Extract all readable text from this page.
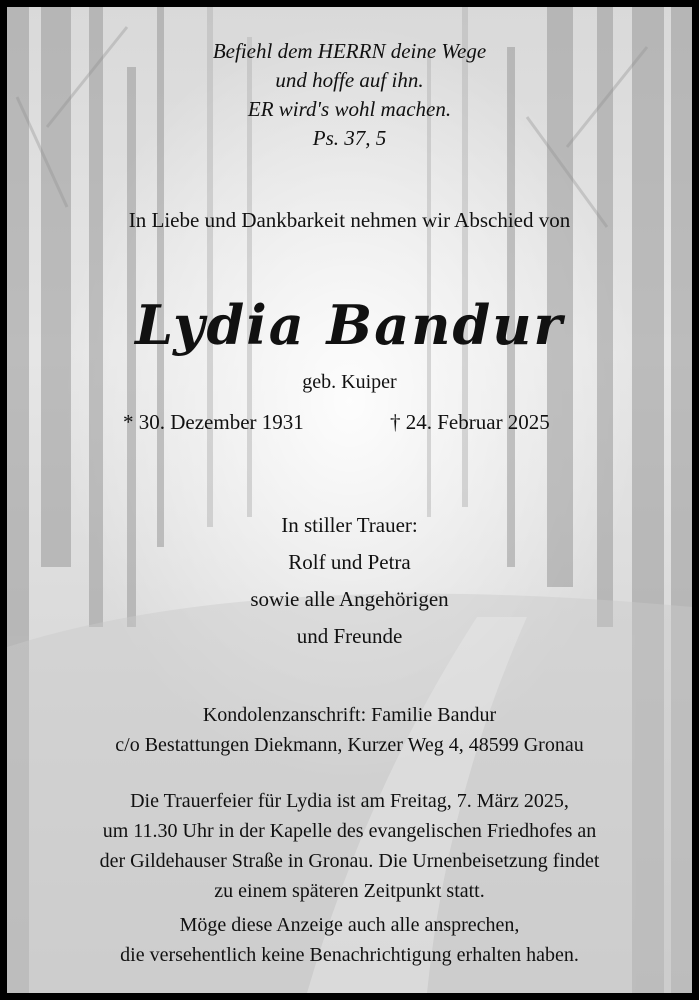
Befiehl dem HERRN deine Wege
und hoffe auf ihn.
ER wird's wohl machen.
Ps. 37, 5
In Liebe und Dankbarkeit nehmen wir Abschied von
Lydia Bandur
geb. Kuiper
* 30. Dezember 1931	† 24. Februar 2025
In stiller Trauer:
Rolf und Petra
sowie alle Angehörigen
und Freunde
Kondolenzanschrift: Familie Bandur
c/o Bestattungen Diekmann, Kurzer Weg 4, 48599 Gronau
Die Trauerfeier für Lydia ist am Freitag, 7. März 2025,
um 11.30 Uhr in der Kapelle des evangelischen Friedhofes an
der Gildehauser Straße in Gronau. Die Urnenbeisetzung findet
zu einem späteren Zeitpunkt statt.
Möge diese Anzeige auch alle ansprechen,
die versehentlich keine Benachrichtigung erhalten haben.
